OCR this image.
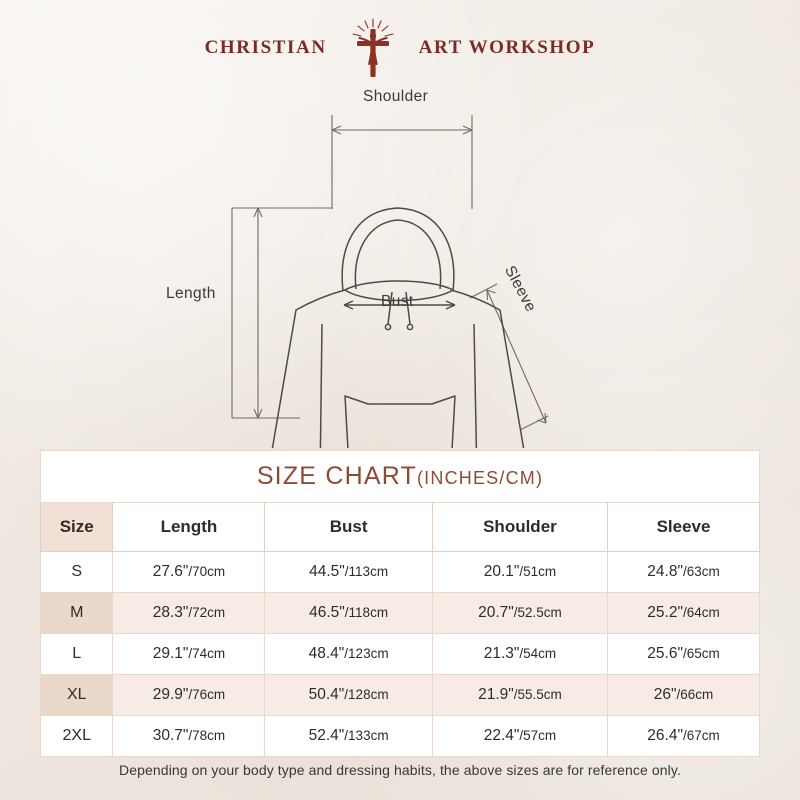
CHRISTIAN	ART WORKSHOP
Shoulder
Bust
Length	Sleeve
SIZE CHART(INCHES/CM)				
Size	Length	Bust	Shoulder	Sleeve
S	27.6"/70cm	44.5"/113cm	20.1"/51cm	24.8"/63cm
M	28.3"/72cm	46.5"/118cm	20.7"/52.5cm	25.2"/64cm
L	29.1"/74cm	48.4"/123cm	21.3"/54cm	25.6"/65cm
XL	29.9"/76cm	50.4"/128cm	21.9"/55.5cm	26"/66cm
2XL	30.7"/78cm	52.4"/133cm	22.4"/57cm	26.4"/67cm
Depending on your body type and dressing habits, the above sizes are for reference only.
